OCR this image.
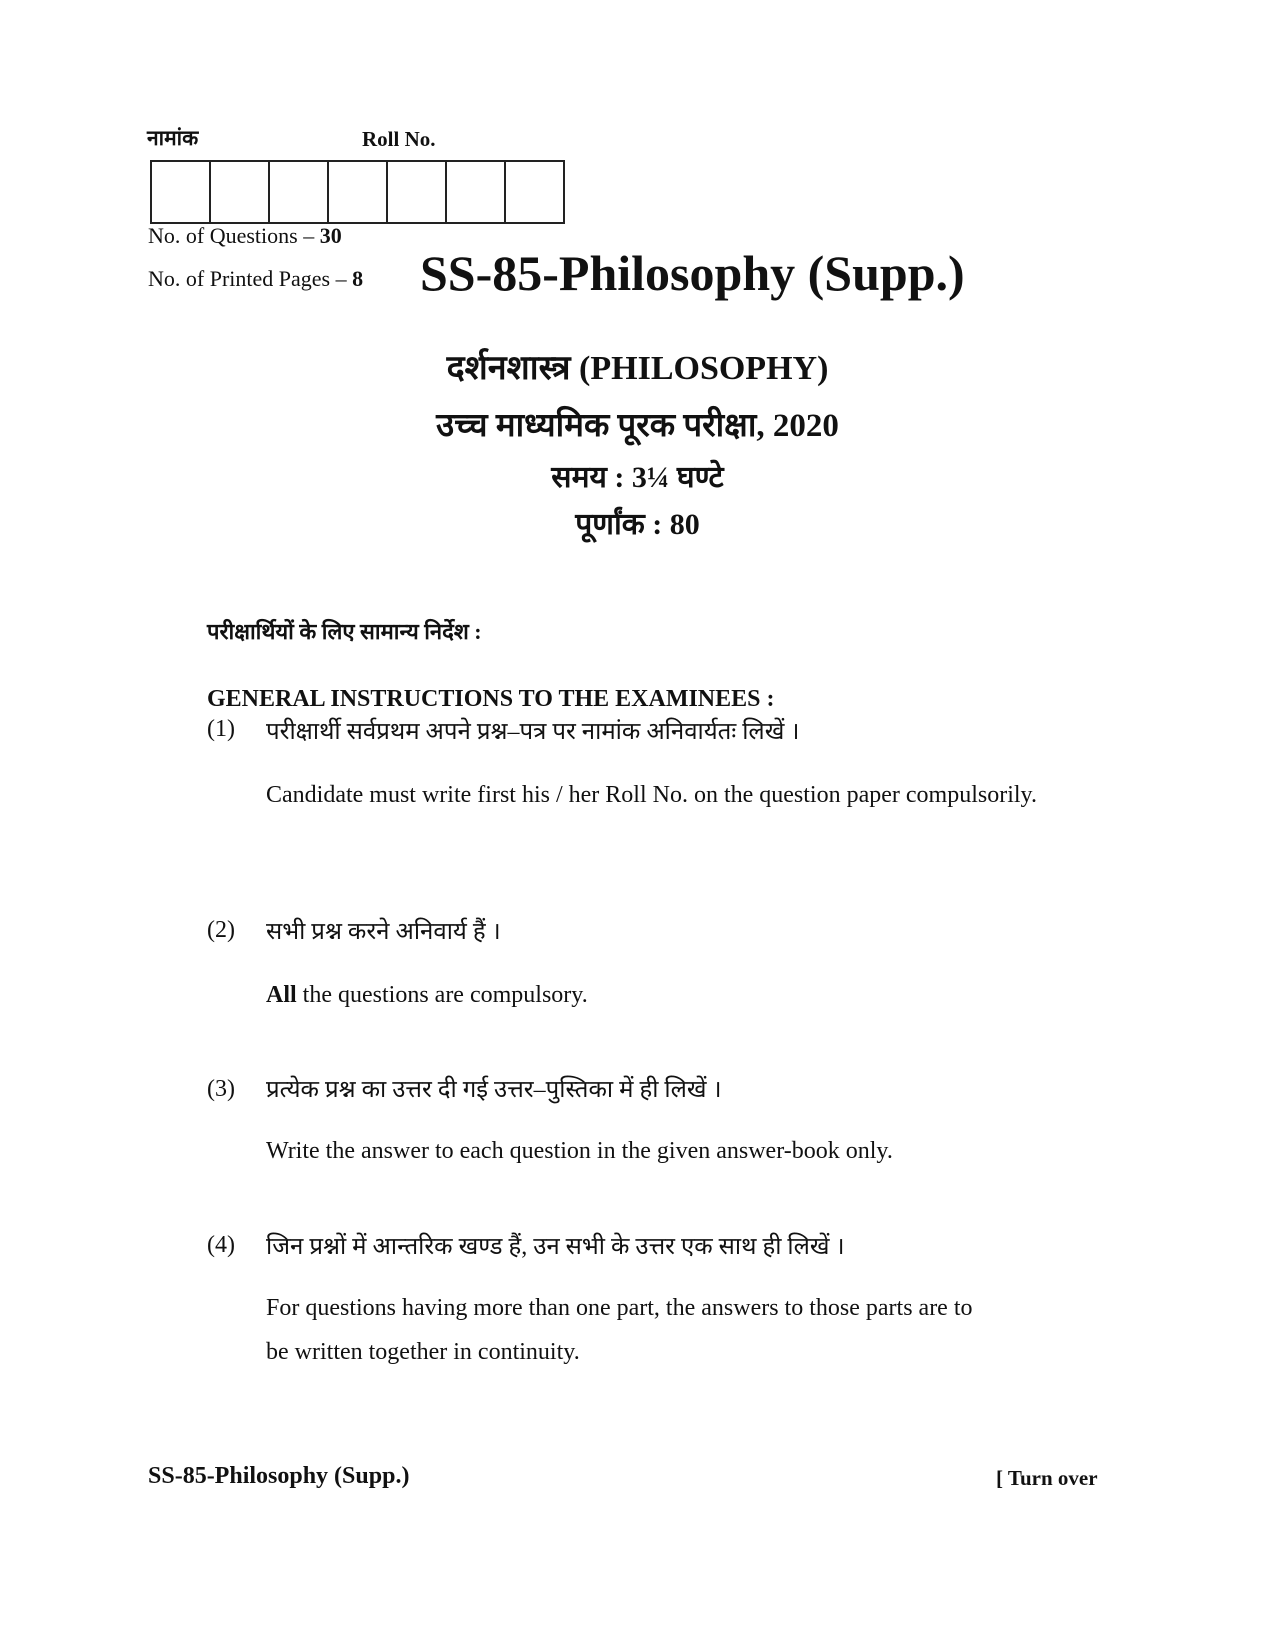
नामांक	Roll No.
No. of Questions – 30
No. of Printed Pages – 8 SS-85-Philosophy (Supp.)
दर्शनशास्त्र (PHILOSOPHY)
उच्च माध्यमिक पूरक परीक्षा, 2020
समय : 3¼ घण्टे
पूर्णांक : 80
परीक्षार्थियों के लिए सामान्य निर्देश :
GENERAL INSTRUCTIONS TO THE EXAMINEES :
(1) परीक्षार्थी सर्वप्रथम अपने प्रश्न–पत्र पर नामांक अनिवार्यतः लिखें ।
Candidate must write first his / her Roll No. on the question paper compulsorily.
(2) सभी प्रश्न करने अनिवार्य हैं ।
All the questions are compulsory.
(3) प्रत्येक प्रश्न का उत्तर दी गई उत्तर–पुस्तिका में ही लिखें ।
Write the answer to each question in the given answer-book only.
(4) जिन प्रश्नों में आन्तरिक खण्ड हैं, उन सभी के उत्तर एक साथ ही लिखें ।
For questions having more than one part, the answers to those parts are to
be written together in continuity.
SS-85-Philosophy (Supp.)	[ Turn over
